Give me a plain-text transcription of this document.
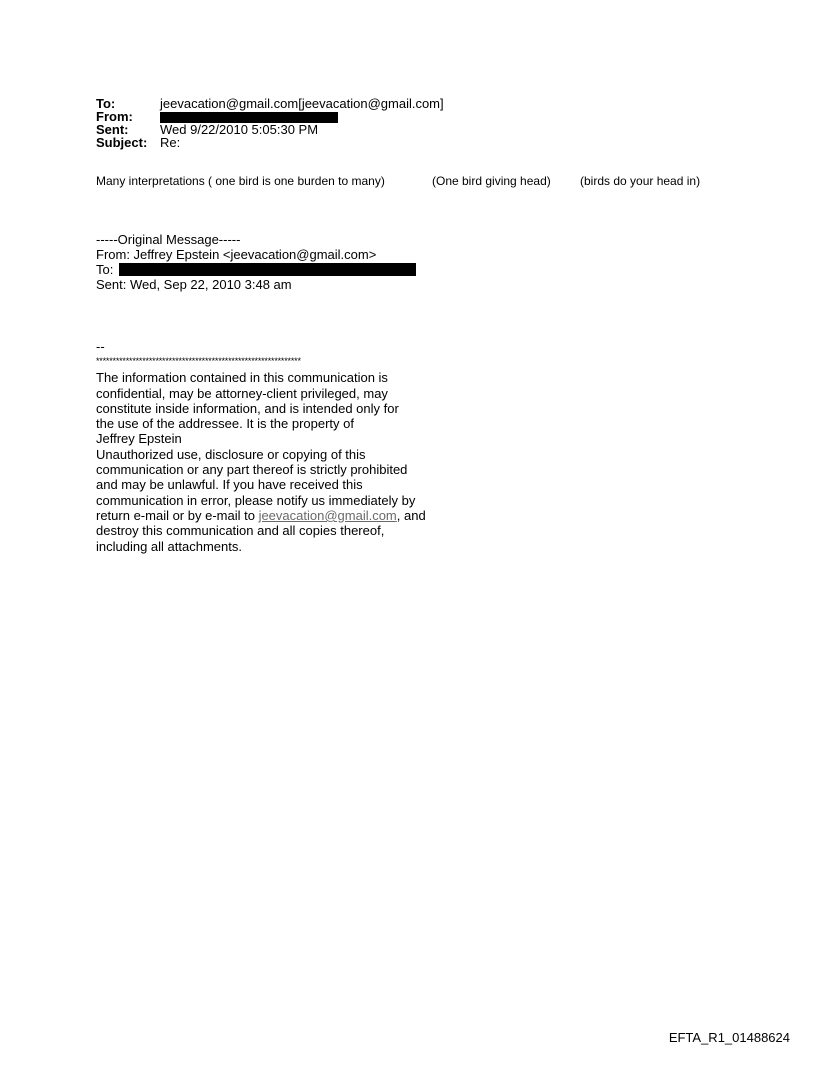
To:	jeevacation@gmail.com[jeevacation@gmail.com]
From:
Sent: Wed 9/22/2010 5:05:30 PM
Subject: Re:
Many interpretations ( one bird is one burden to many)	(One bird giving head) (birds do your head in)
-----Original Message-----
From: Jeffrey Epstein <jeevacation@gmail.com>
To:
Sent: Wed, Sep 22, 2010 3:48 am
--
**************************************************************
The information contained in this communication is
confidential, may be attorney-client privileged, may
constitute inside information, and is intended only for
the use of the addressee. It is the property of
Jeffrey Epstein
Unauthorized use, disclosure or copying of this
communication or any part thereof is strictly prohibited
and may be unlawful. If you have received this
communication in error, please notify us immediately by
return e-mail or by e-mail to jeevacation@gmail.com, and
destroy this communication and all copies thereof,
including all attachments.
EFTA_R1_01488624
